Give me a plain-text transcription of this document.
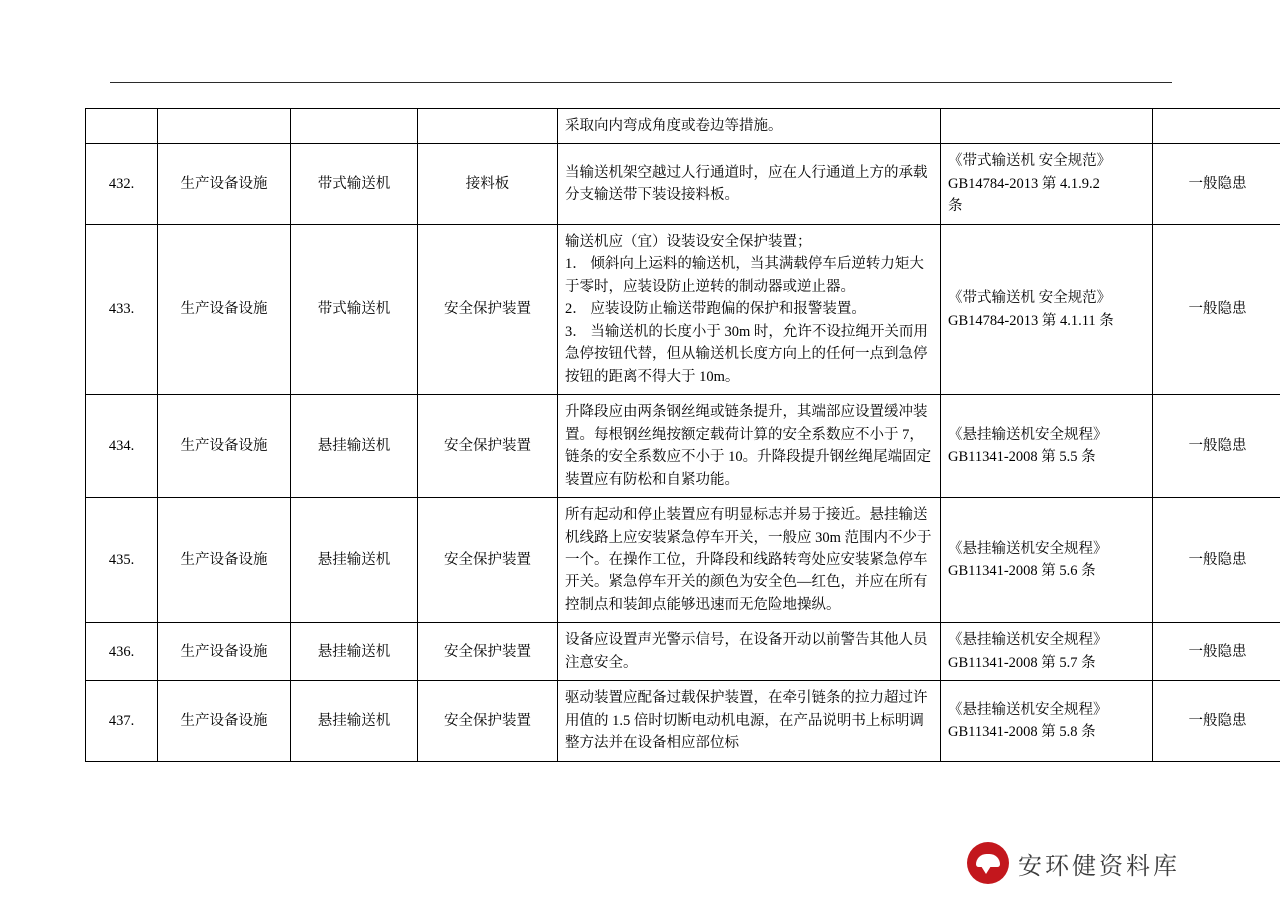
				采取向内弯成角度或卷边等措施。		

432.	生产设备设施	带式输送机	接料板	当输送机架空越过人行通道时，应在人行通道上方的承载分支输送带下装设接料板。	《带式输送机 安全规范》
GB14784-2013 第 4.1.9.2
条	一般隐患
433.	生产设备设施	带式输送机	安全保护装置	输送机应（宜）设装设安全保护装置；
1． 倾斜向上运料的输送机，当其满载停车后逆转力矩大于零时，应装设防止逆转的制动器或逆止器。
2． 应装设防止输送带跑偏的保护和报警装置。
3． 当输送机的长度小于 30m 时，允许不设拉绳开关而用急停按钮代替，但从输送机长度方向上的任何一点到急停按钮的距离不得大于 10m。	《带式输送机 安全规范》
GB14784-2013 第 4.1.11 条	一般隐患
434.	生产设备设施	悬挂输送机	安全保护装置	升降段应由两条钢丝绳或链条提升，其端部应设置缓冲装置。每根钢丝绳按额定载荷计算的安全系数应不小于 7，链条的安全系数应不小于 10。升降段提升钢丝绳尾端固定装置应有防松和自紧功能。	《悬挂输送机安全规程》
GB11341-2008 第 5.5 条	一般隐患
435.	生产设备设施	悬挂输送机	安全保护装置	所有起动和停止装置应有明显标志并易于接近。悬挂输送机线路上应安装紧急停车开关，一般应 30m 范围内不少于一个。在操作工位，升降段和线路转弯处应安装紧急停车开关。紧急停车开关的颜色为安全色—红色，并应在所有控制点和装卸点能够迅速而无危险地操纵。	《悬挂输送机安全规程》
GB11341-2008 第 5.6 条	一般隐患
436.	生产设备设施	悬挂输送机	安全保护装置	设备应设置声光警示信号，在设备开动以前警告其他人员注意安全。	《悬挂输送机安全规程》
GB11341-2008 第 5.7 条	一般隐患
437.	生产设备设施	悬挂输送机	安全保护装置	驱动装置应配备过载保护装置，在牵引链条的拉力超过许用值的 1.5 倍时切断电动机电源，在产品说明书上标明调整方法并在设备相应部位标	《悬挂输送机安全规程》
GB11341-2008 第 5.8 条	一般隐患
安环健资料库
